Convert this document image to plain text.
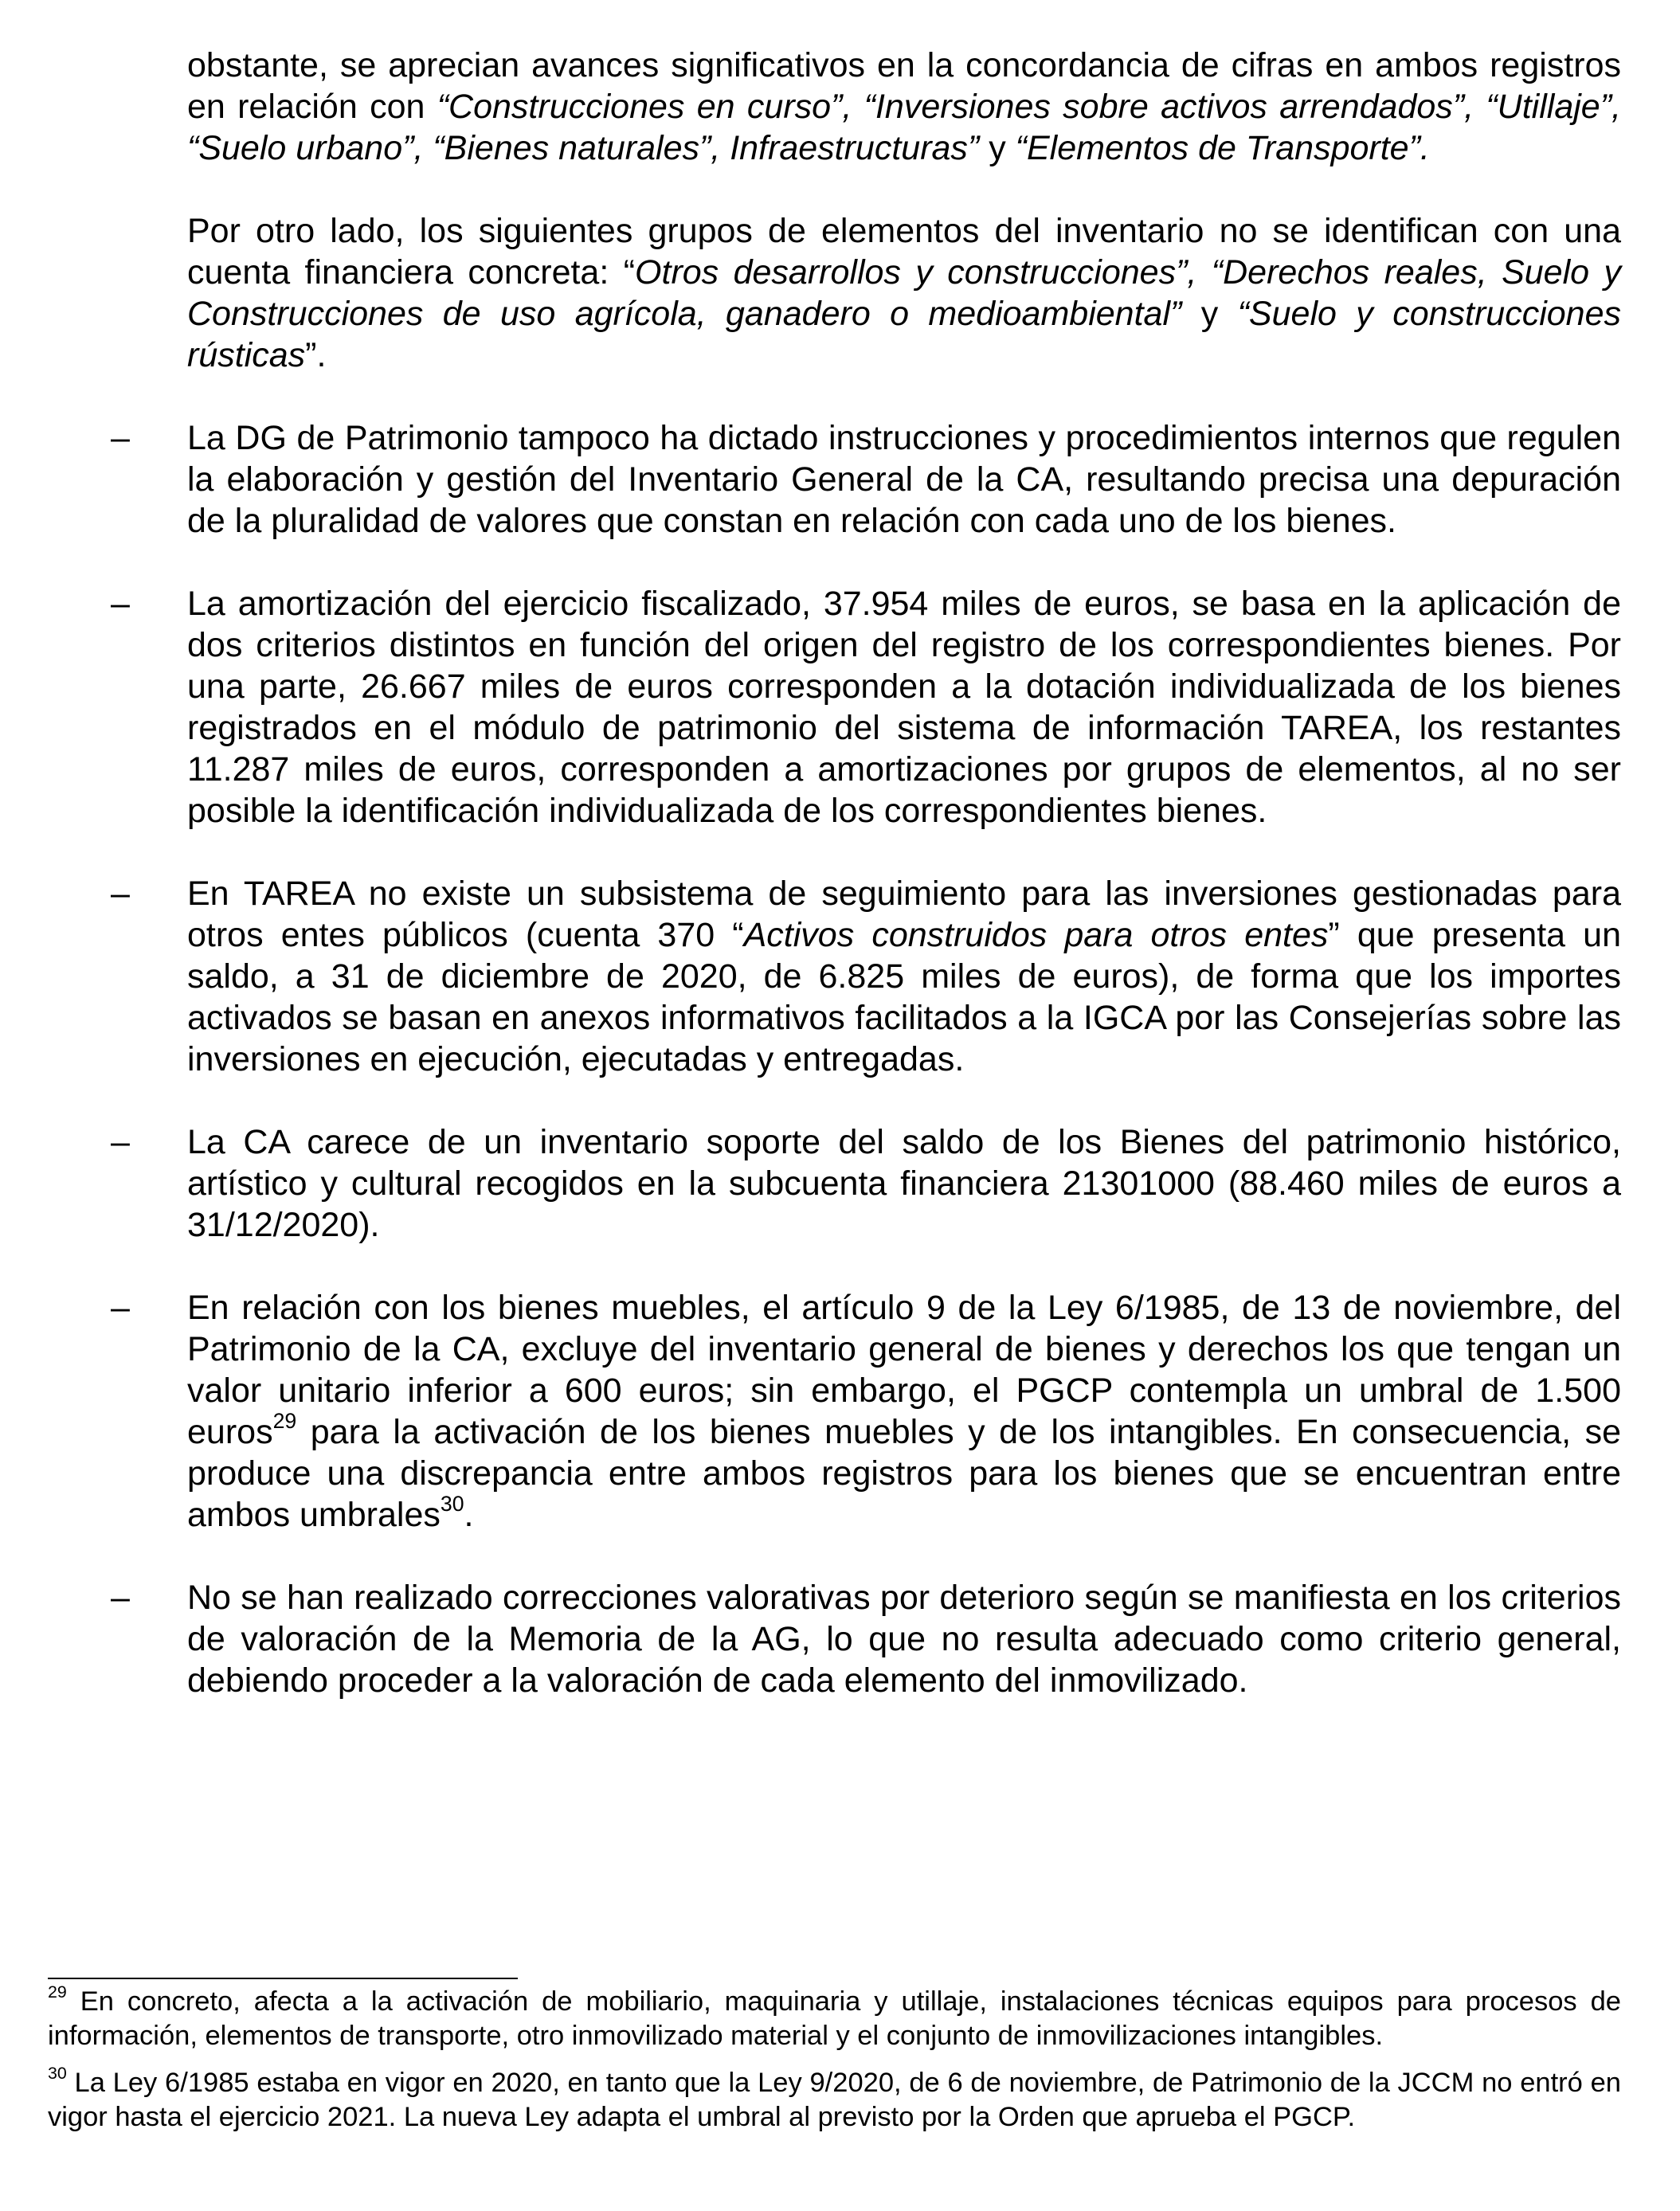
obstante, se aprecian avances significativos en la concordancia de cifras en ambos registros en relación con “Construcciones en curso”, “Inversiones sobre activos arrendados”, “Utillaje”, “Suelo urbano”, “Bienes naturales”, Infraestructuras” y “Elementos de Transporte”.

Por otro lado, los siguientes grupos de elementos del inventario no se identifican con una cuenta financiera concreta: “Otros desarrollos y construcciones”, “Derechos reales, Suelo y Construcciones de uso agrícola, ganadero o medioambiental” y “Suelo y construcciones rústicas”.

– La DG de Patrimonio tampoco ha dictado instrucciones y procedimientos internos que regulen la elaboración y gestión del Inventario General de la CA, resultando precisa una depuración de la pluralidad de valores que constan en relación con cada uno de los bienes.

– La amortización del ejercicio fiscalizado, 37.954 miles de euros, se basa en la aplicación de dos criterios distintos en función del origen del registro de los correspondientes bienes. Por una parte, 26.667 miles de euros corresponden a la dotación individualizada de los bienes registrados en el módulo de patrimonio del sistema de información TAREA, los restantes 11.287 miles de euros, corresponden a amortizaciones por grupos de elementos, al no ser posible la identificación individualizada de los correspondientes bienes.

– En TAREA no existe un subsistema de seguimiento para las inversiones gestionadas para otros entes públicos (cuenta 370 “Activos construidos para otros entes” que presenta un saldo, a 31 de diciembre de 2020, de 6.825 miles de euros), de forma que los importes activados se basan en anexos informativos facilitados a la IGCA por las Consejerías sobre las inversiones en ejecución, ejecutadas y entregadas.

– La CA carece de un inventario soporte del saldo de los Bienes del patrimonio histórico, artístico y cultural recogidos en la subcuenta financiera 21301000 (88.460 miles de euros a 31/12/2020).

– En relación con los bienes muebles, el artículo 9 de la Ley 6/1985, de 13 de noviembre, del Patrimonio de la CA, excluye del inventario general de bienes y derechos los que tengan un valor unitario inferior a 600 euros; sin embargo, el PGCP contempla un umbral de 1.500 euros$^{29}$ para la activación de los bienes muebles y de los intangibles. En consecuencia, se produce una discrepancia entre ambos registros para los bienes que se encuentran entre ambos umbrales$^{30}$.

– No se han realizado correcciones valorativas por deterioro según se manifiesta en los criterios de valoración de la Memoria de la AG, lo que no resulta adecuado como criterio general, debiendo proceder a la valoración de cada elemento del inmovilizado.

$^{29}$ En concreto, afecta a la activación de mobiliario, maquinaria y utillaje, instalaciones técnicas equipos para procesos de información, elementos de transporte, otro inmovilizado material y el conjunto de inmovilizaciones intangibles.

$^{30}$ La Ley 6/1985 estaba en vigor en 2020, en tanto que la Ley 9/2020, de 6 de noviembre, de Patrimonio de la JCCM no entró en vigor hasta el ejercicio 2021. La nueva Ley adapta el umbral al previsto por la Orden que aprueba el PGCP.
